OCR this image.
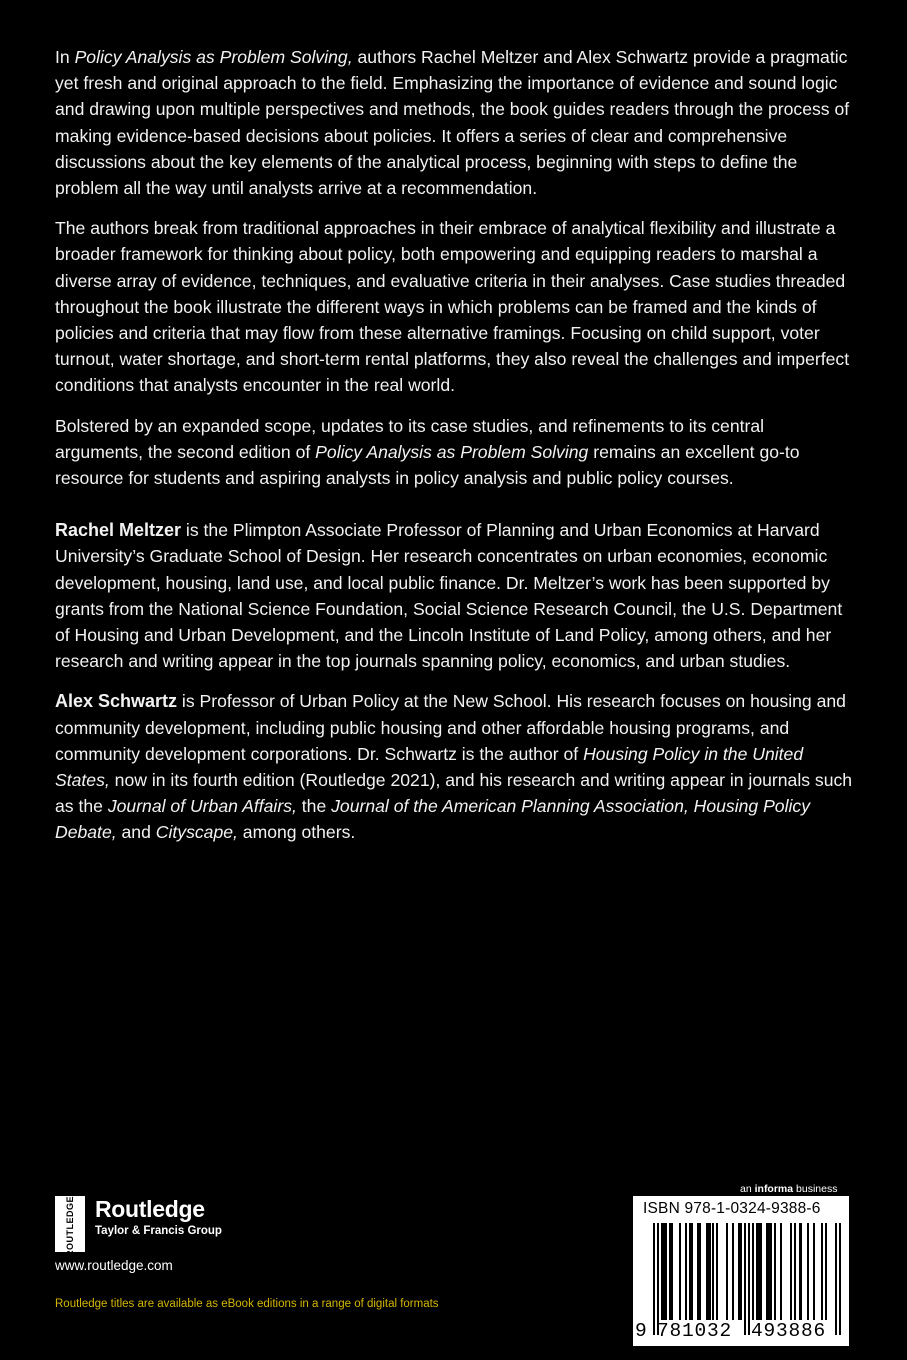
In Policy Analysis as Problem Solving, authors Rachel Meltzer and Alex Schwartz provide a pragmatic yet fresh and original approach to the field. Emphasizing the importance of evidence and sound logic and drawing upon multiple perspectives and methods, the book guides readers through the process of making evidence-based decisions about policies. It offers a series of clear and comprehensive discussions about the key elements of the analytical process, beginning with steps to define the problem all the way until analysts arrive at a recommendation.

The authors break from traditional approaches in their embrace of analytical flexibility and illustrate a broader framework for thinking about policy, both empowering and equipping readers to marshal a diverse array of evidence, techniques, and evaluative criteria in their analyses. Case studies threaded throughout the book illustrate the different ways in which problems can be framed and the kinds of policies and criteria that may flow from these alternative framings. Focusing on child support, voter turnout, water shortage, and short-term rental platforms, they also reveal the challenges and imperfect conditions that analysts encounter in the real world.

Bolstered by an expanded scope, updates to its case studies, and refinements to its central arguments, the second edition of Policy Analysis as Problem Solving remains an excellent go-to resource for students and aspiring analysts in policy analysis and public policy courses.

Rachel Meltzer is the Plimpton Associate Professor of Planning and Urban Economics at Harvard University’s Graduate School of Design. Her research concentrates on urban economies, economic development, housing, land use, and local public finance. Dr. Meltzer’s work has been supported by grants from the National Science Foundation, Social Science Research Council, the U.S. Department of Housing and Urban Development, and the Lincoln Institute of Land Policy, among others, and her research and writing appear in the top journals spanning policy, economics, and urban studies.

Alex Schwartz is Professor of Urban Policy at the New School. His research focuses on housing and community development, including public housing and other affordable housing programs, and community development corporations. Dr. Schwartz is the author of Housing Policy in the United States, now in its fourth edition (Routledge 2021), and his research and writing appear in journals such as the Journal of Urban Affairs, the Journal of the American Planning Association, Housing Policy Debate, and Cityscape, among others.

ROUTLEDGE Routledge
Taylor & Francis Group
www.routledge.com
Routledge titles are available as eBook editions in a range of digital formats
an informa business
ISBN 978-1-0324-9388-6
9 781032 493886
